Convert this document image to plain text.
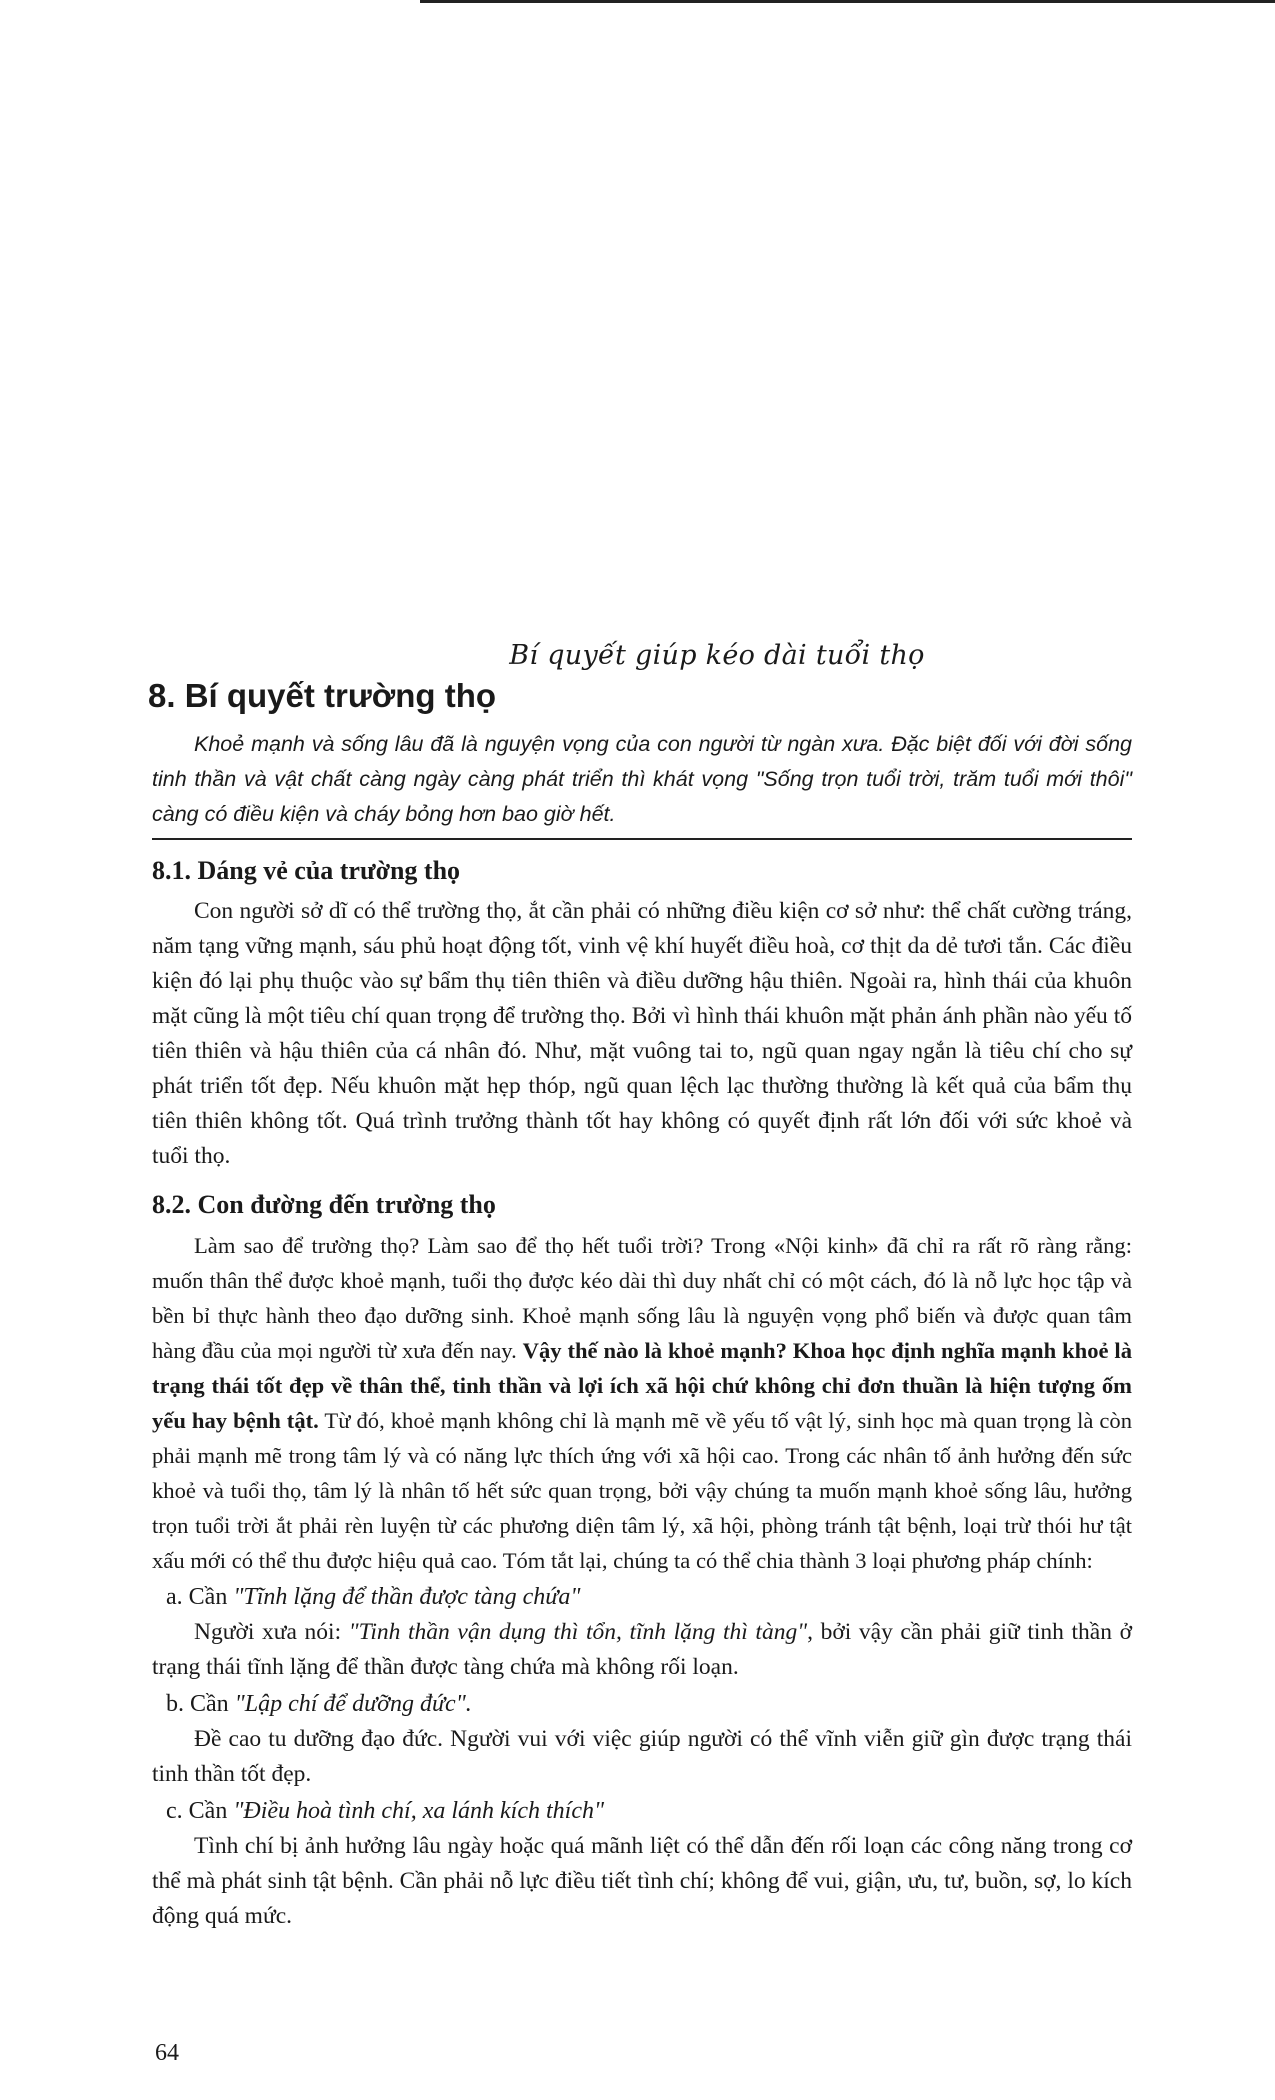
Bí quyết giúp kéo dài tuổi thọ
8. Bí quyết trường thọ

Khoẻ mạnh và sống lâu đã là nguyện vọng của con người từ ngàn xưa. Đặc biệt đối với đời sống tinh thần và vật chất càng ngày càng phát triển thì khát vọng "Sống trọn tuổi trời, trăm tuổi mới thôi" càng có điều kiện và cháy bỏng hơn bao giờ hết.

8.1. Dáng vẻ của trường thọ

Con người sở dĩ có thể trường thọ, ắt cần phải có những điều kiện cơ sở như: thể chất cường tráng, năm tạng vững mạnh, sáu phủ hoạt động tốt, vinh vệ khí huyết điều hoà, cơ thịt da dẻ tươi tắn. Các điều kiện đó lại phụ thuộc vào sự bẩm thụ tiên thiên và điều dưỡng hậu thiên. Ngoài ra, hình thái của khuôn mặt cũng là một tiêu chí quan trọng để trường thọ. Bởi vì hình thái khuôn mặt phản ánh phần nào yếu tố tiên thiên và hậu thiên của cá nhân đó. Như, mặt vuông tai to, ngũ quan ngay ngắn là tiêu chí cho sự phát triển tốt đẹp. Nếu khuôn mặt hẹp thóp, ngũ quan lệch lạc thường thường là kết quả của bẩm thụ tiên thiên không tốt. Quá trình trưởng thành tốt hay không có quyết định rất lớn đối với sức khoẻ và tuổi thọ.

8.2. Con đường đến trường thọ

Làm sao để trường thọ? Làm sao để thọ hết tuổi trời? Trong «Nội kinh» đã chỉ ra rất rõ ràng rằng: muốn thân thể được khoẻ mạnh, tuổi thọ được kéo dài thì duy nhất chỉ có một cách, đó là nỗ lực học tập và bền bỉ thực hành theo đạo dưỡng sinh. Khoẻ mạnh sống lâu là nguyện vọng phổ biến và được quan tâm hàng đầu của mọi người từ xưa đến nay. Vậy thế nào là khoẻ mạnh? Khoa học định nghĩa mạnh khoẻ là trạng thái tốt đẹp về thân thể, tinh thần và lợi ích xã hội chứ không chỉ đơn thuần là hiện tượng ốm yếu hay bệnh tật. Từ đó, khoẻ mạnh không chỉ là mạnh mẽ về yếu tố vật lý, sinh học mà quan trọng là còn phải mạnh mẽ trong tâm lý và có năng lực thích ứng với xã hội cao. Trong các nhân tố ảnh hưởng đến sức khoẻ và tuổi thọ, tâm lý là nhân tố hết sức quan trọng, bởi vậy chúng ta muốn mạnh khoẻ sống lâu, hưởng trọn tuổi trời ắt phải rèn luyện từ các phương diện tâm lý, xã hội, phòng tránh tật bệnh, loại trừ thói hư tật xấu mới có thể thu được hiệu quả cao. Tóm tắt lại, chúng ta có thể chia thành 3 loại phương pháp chính:

a. Cần "Tĩnh lặng để thần được tàng chứa"

Người xưa nói: "Tinh thần vận dụng thì tổn, tĩnh lặng thì tàng", bởi vậy cần phải giữ tinh thần ở trạng thái tĩnh lặng để thần được tàng chứa mà không rối loạn.

b. Cần "Lập chí để dưỡng đức".

Đề cao tu dưỡng đạo đức. Người vui với việc giúp người có thể vĩnh viễn giữ gìn được trạng thái tinh thần tốt đẹp.

c. Cần "Điều hoà tình chí, xa lánh kích thích"

Tình chí bị ảnh hưởng lâu ngày hoặc quá mãnh liệt có thể dẫn đến rối loạn các công năng trong cơ thể mà phát sinh tật bệnh. Cần phải nỗ lực điều tiết tình chí; không để vui, giận, ưu, tư, buồn, sợ, lo kích động quá mức.

64
